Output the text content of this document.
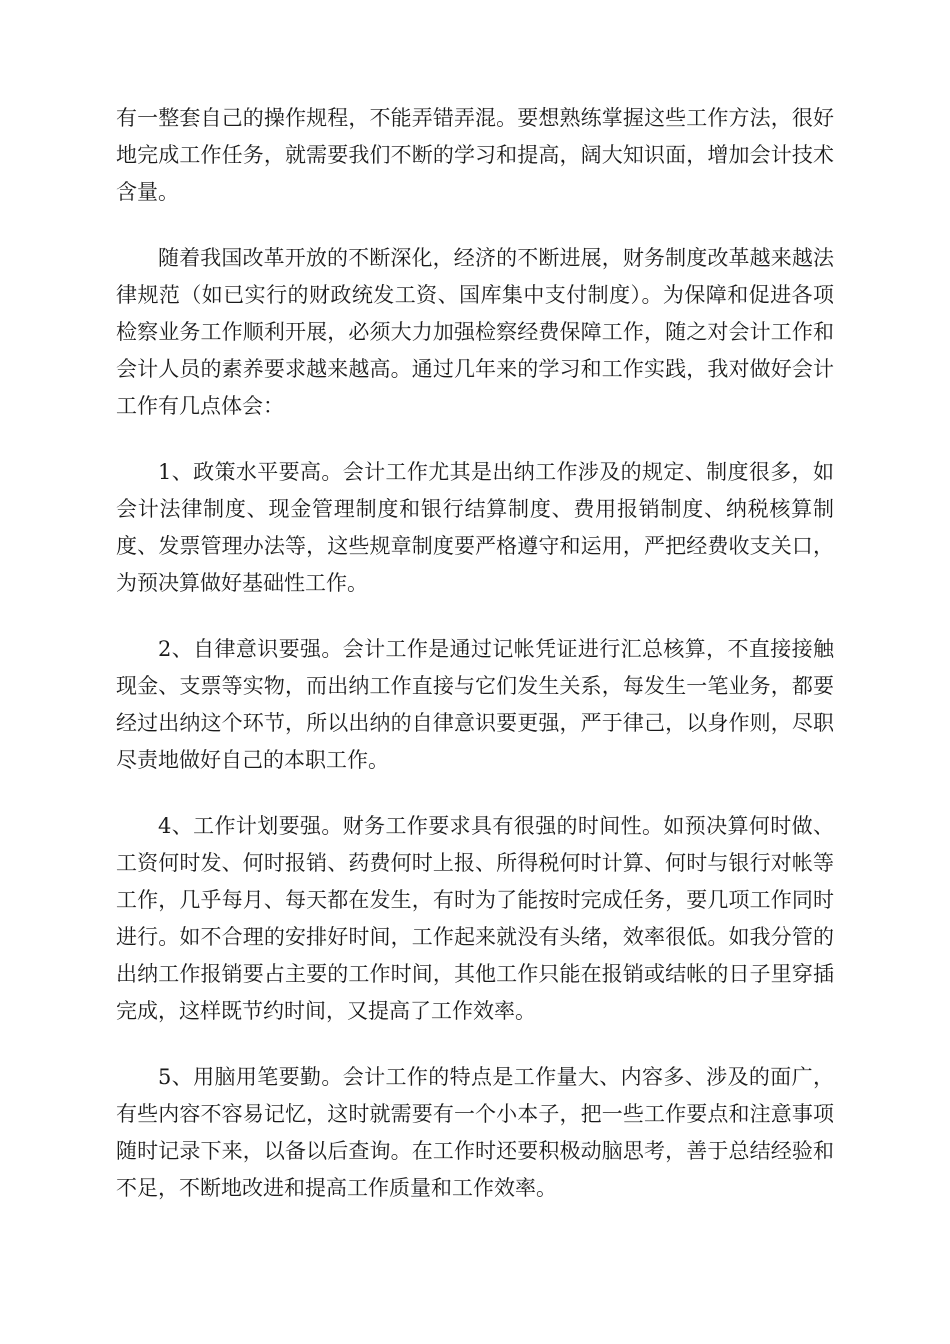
有一整套自己的操作规程，不能弄错弄混。要想熟练掌握这些工作方法，很好地完成工作任务，就需要我们不断的学习和提高，阔大知识面，增加会计技术含量。

随着我国改革开放的不断深化，经济的不断进展，财务制度改革越来越法律规范（如已实行的财政统发工资、国库集中支付制度）。为保障和促进各项检察业务工作顺利开展，必须大力加强检察经费保障工作，随之对会计工作和会计人员的素养要求越来越高。通过几年来的学习和工作实践，我对做好会计工作有几点体会：

1、政策水平要高。会计工作尤其是出纳工作涉及的规定、制度很多，如会计法律制度、现金管理制度和银行结算制度、费用报销制度、纳税核算制度、发票管理办法等，这些规章制度要严格遵守和运用，严把经费收支关口，为预决算做好基础性工作。

2、自律意识要强。会计工作是通过记帐凭证进行汇总核算，不直接接触现金、支票等实物，而出纳工作直接与它们发生关系，每发生一笔业务，都要经过出纳这个环节，所以出纳的自律意识要更强，严于律己，以身作则，尽职尽责地做好自己的本职工作。

4、工作计划要强。财务工作要求具有很强的时间性。如预决算何时做、工资何时发、何时报销、药费何时上报、所得税何时计算、何时与银行对帐等工作，几乎每月、每天都在发生，有时为了能按时完成任务，要几项工作同时进行。如不合理的安排好时间，工作起来就没有头绪，效率很低。如我分管的出纳工作报销要占主要的工作时间，其他工作只能在报销或结帐的日子里穿插完成，这样既节约时间，又提高了工作效率。

5、用脑用笔要勤。会计工作的特点是工作量大、内容多、涉及的面广，有些内容不容易记忆，这时就需要有一个小本子，把一些工作要点和注意事项随时记录下来，以备以后查询。在工作时还要积极动脑思考，善于总结经验和不足，不断地改进和提高工作质量和工作效率。
